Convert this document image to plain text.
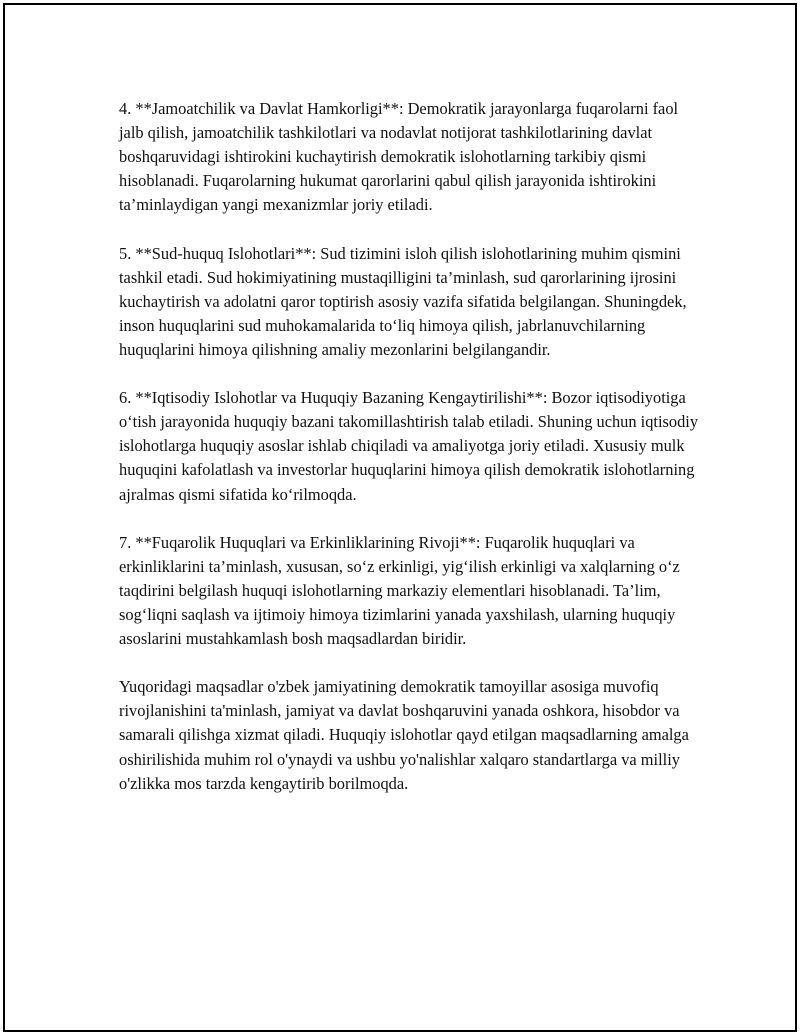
4. **Jamoatchilik va Davlat Hamkorligi**: Demokratik jarayonlarga fuqarolarni faol jalb qilish, jamoatchilik tashkilotlari va nodavlat notijorat tashkilotlarining davlat boshqaruvidagi ishtirokini kuchaytirish demokratik islohotlarning tarkibiy qismi hisoblanadi. Fuqarolarning hukumat qarorlarini qabul qilish jarayonida ishtirokini ta’minlaydigan yangi mexanizmlar joriy etiladi.

5. **Sud-huquq Islohotlari**: Sud tizimini isloh qilish islohotlarining muhim qismini tashkil etadi. Sud hokimiyatining mustaqilligini ta’minlash, sud qarorlarining ijrosini kuchaytirish va adolatni qaror toptirish asosiy vazifa sifatida belgilangan. Shuningdek, inson huquqlarini sud muhokamalarida to‘liq himoya qilish, jabrlanuvchilarning huquqlarini himoya qilishning amaliy mezonlarini belgilangandir.

6. **Iqtisodiy Islohotlar va Huquqiy Bazaning Kengaytirilishi**: Bozor iqtisodiyotiga o‘tish jarayonida huquqiy bazani takomillashtirish talab etiladi. Shuning uchun iqtisodiy islohotlarga huquqiy asoslar ishlab chiqiladi va amaliyotga joriy etiladi. Xususiy mulk huquqini kafolatlash va investorlar huquqlarini himoya qilish demokratik islohotlarning ajralmas qismi sifatida ko‘rilmoqda.

7. **Fuqarolik Huquqlari va Erkinliklarining Rivoji**: Fuqarolik huquqlari va erkinliklarini ta’minlash, xususan, so‘z erkinligi, yig‘ilish erkinligi va xalqlarning o‘z taqdirini belgilash huquqi islohotlarning markaziy elementlari hisoblanadi. Ta’lim, sog‘liqni saqlash va ijtimoiy himoya tizimlarini yanada yaxshilash, ularning huquqiy asoslarini mustahkamlash bosh maqsadlardan biridir.

Yuqoridagi maqsadlar o'zbek jamiyatining demokratik tamoyillar asosiga muvofiq rivojlanishini ta'minlash, jamiyat va davlat boshqaruvini yanada oshkora, hisobdor va samarali qilishga xizmat qiladi. Huquqiy islohotlar qayd etilgan maqsadlarning amalga oshirilishida muhim rol o'ynaydi va ushbu yo'nalishlar xalqaro standartlarga va milliy o'zlikka mos tarzda kengaytirib borilmoqda.
